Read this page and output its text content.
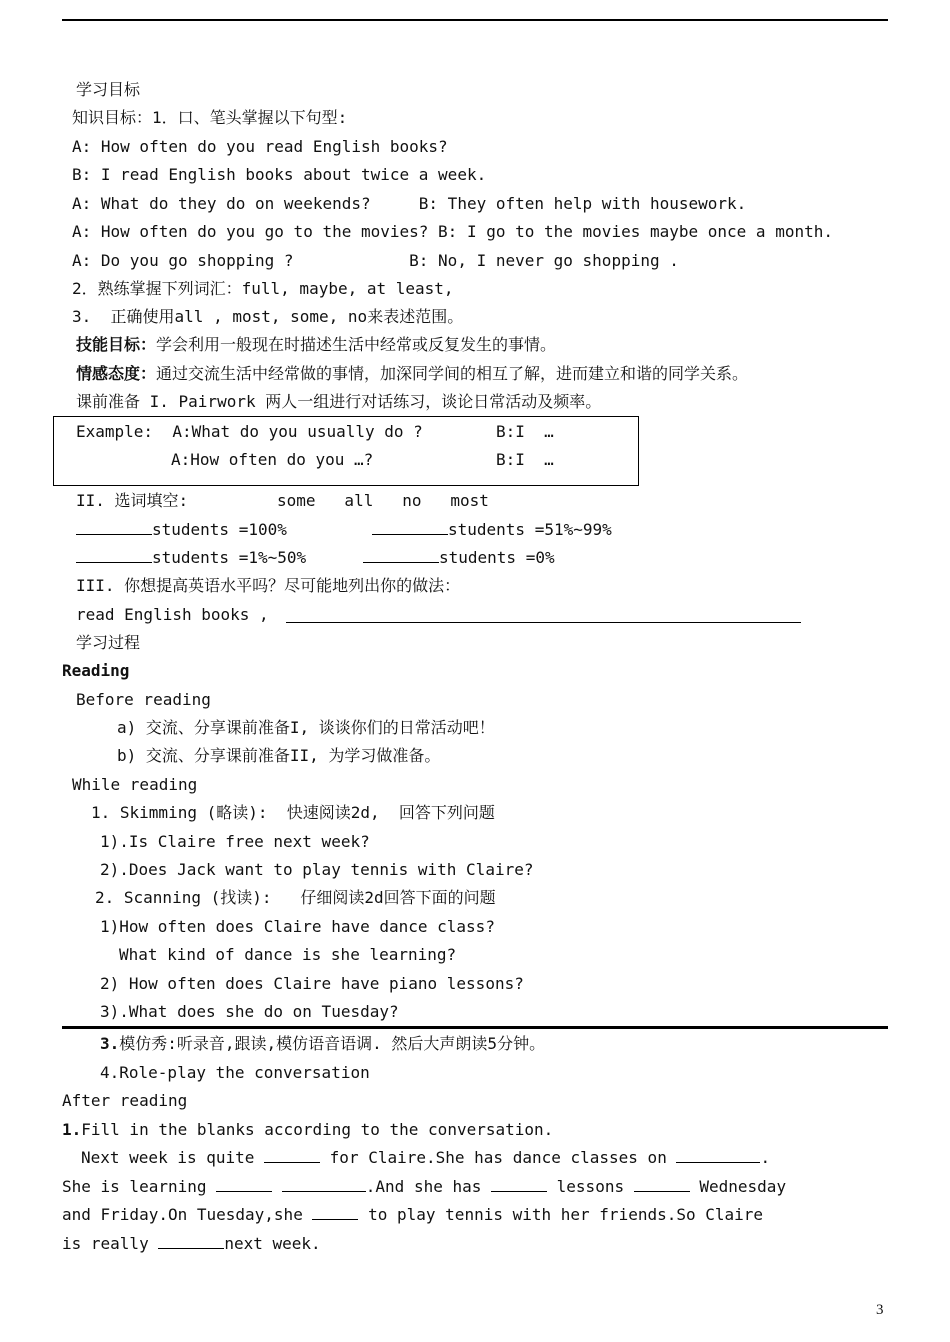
学习目标
知识目标：1．口、笔头掌握以下句型:
A: How often do you read English books?
B: I read English books about twice a week.
A: What do they do on weekends?     B: They often help with housework.
A: How often do you go to the movies? B: I go to the movies maybe once a month.
A: Do you go shopping ?            B: No, I never go shopping .
2．熟练掌握下列词汇：full, maybe, at least,
3.  正确使用all , most, some, no来表述范围。
技能目标：学会利用一般现在时描述生活中经常或反复发生的事情。
情感态度：通过交流生活中经常做的事情，加深同学间的相互了解，进而建立和谐的同学关系。
课前准备 I. Pairwork 两人一组进行对话练习，谈论日常活动及频率。
Example:  A:What do you usually do ?	B:I  …
A:How often do you …?	B:I  …
II. 选词填空:	some   all   no   most
students =100%	students =51%~99%
students =1%~50%	students =0%
III. 你想提高英语水平吗？尽可能地列出你的做法：
read English books ,
学习过程
Reading
Before reading
a) 交流、分享课前准备I, 谈谈你们的日常活动吧！
b) 交流、分享课前准备II, 为学习做准备。
While reading
1. Skimming (略读):  快速阅读2d,  回答下列问题
1).Is Claire free next week?
2).Does Jack want to play tennis with Claire?
2. Scanning (找读):   仔细阅读2d回答下面的问题
1)How often does Claire have dance class?
What kind of dance is she learning?
2) How often does Claire have piano lessons?
3).What does she do on Tuesday?
3.模仿秀:听录音,跟读,模仿语音语调. 然后大声朗读5分钟。
4.Role-play the conversation
After reading
1.Fill in the blanks according to the conversation.
Next week is quite	for Claire.She has dance classes on	.
She is learning	.And she has	lessons	Wednesday
and Friday.On Tuesday,she	to play tennis with her friends.So Claire
is really	next week.
3
